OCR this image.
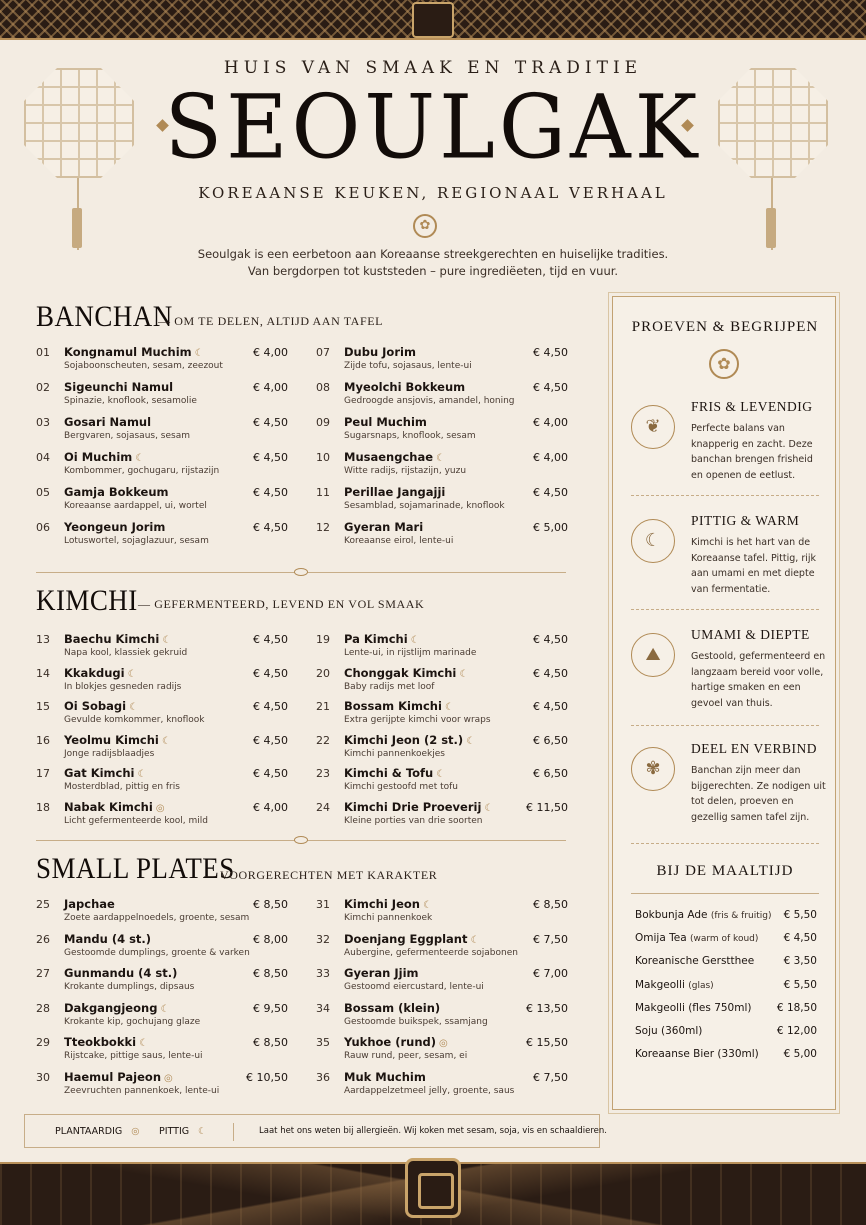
HUIS VAN SMAAK EN TRADITIE
SEOULGAK
KOREAANSE KEUKEN, REGIONAAL VERHAAL
✿
Seoulgak is een eerbetoon aan Koreaanse streekgerechten en huiselijke tradities.
Van bergdorpen tot kuststeden – pure ingrediëeten, tijd en vuur.
BANCHAN
— OM TE DELEN, ALTIJD AAN TAFEL
01	Kongnamul Muchim ☾
Sojaboonscheuten, sesam, zeezout
€ 4,00
02	Sigeunchi Namul
Spinazie, knoflook, sesamolie
€ 4,00
03	Gosari Namul
Bergvaren, sojasaus, sesam
€ 4,50
04	Oi Muchim ☾
Kombommer, gochugaru, rijstazijn
€ 4,50
05	Gamja Bokkeum
Koreaanse aardappel, ui, wortel
€ 4,50
06	Yeongeun Jorim
Lotuswortel, sojaglazuur, sesam
€ 4,50
07	Dubu Jorim
Zijde tofu, sojasaus, lente-ui
€ 4,50
08	Myeolchi Bokkeum
Gedroogde ansjovis, amandel, honing
€ 4,50
09	Peul Muchim
Sugarsnaps, knoflook, sesam
€ 4,00
10	Musaengchae ☾
Witte radijs, rijstazijn, yuzu
€ 4,00
11	Perillae Jangajji
Sesamblad, sojamarinade, knoflook
€ 4,50
12	Gyeran Mari
Koreaanse eirol, lente-ui
€ 5,00
KIMCHI — GEFERMENTEERD, LEVEND EN VOL SMAAK
13	Baechu Kimchi ☾
Napa kool, klassiek gekruid
€ 4,50
14	Kkakdugi ☾
In blokjes gesneden radijs
€ 4,50
15	Oi Sobagi ☾
Gevulde komkommer, knoflook
€ 4,50
16	Yeolmu Kimchi ☾
Jonge radijsblaadjes
€ 4,50
17	Gat Kimchi ☾
Mosterdblad, pittig en fris
€ 4,50
18	Nabak Kimchi ◎
Licht gefermenteerde kool, mild
€ 4,00
19	Pa Kimchi ☾
Lente-ui, in rijstlijm marinade
€ 4,50
20	Chonggak Kimchi ☾
Baby radijs met loof
€ 4,50
21	Bossam Kimchi ☾
Extra gerijpte kimchi voor wraps
€ 4,50
22	Kimchi Jeon (2 st.) ☾
Kimchi pannenkoekjes
€ 6,50
23	Kimchi & Tofu ☾
Kimchi gestoofd met tofu
€ 6,50
24	Kimchi Drie Proeverij ☾
Kleine porties van drie soorten
€ 11,50
SMALL PLATES
— VOORGERECHTEN MET KARAKTER
25	Japchae
Zoete aardappelnoedels, groente, sesam
€ 8,50
26	Mandu (4 st.)
Gestoomde dumplings, groente & varken
€ 8,00
27	Gunmandu (4 st.)
Krokante dumplings, dipsaus
€ 8,50
28	Dakgangjeong ☾
Krokante kip, gochujang glaze
€ 9,50
29	Tteokbokki ☾
Rijstcake, pittige saus, lente-ui
€ 8,50
30	Haemul Pajeon ◎
Zeevruchten pannenkoek, lente-ui
€ 10,50
31	Kimchi Jeon ☾
Kimchi pannenkoek
€ 8,50
32	Doenjang Eggplant ☾
Aubergine, gefermenteerde sojabonen
€ 7,50
33	Gyeran Jjim
Gestoomd eiercustard, lente-ui
€ 7,00
34	Bossam (klein)
Gestoomde buikspek, ssamjang
€ 13,50
35	Yukhoe (rund) ◎
Rauw rund, peer, sesam, ei
€ 15,50
36	Muk Muchim
Aardappelzetmeel jelly, groente, saus
€ 7,50
PROEVEN & BEGRIJPEN
✿
❦
FRIS & LEVENDIG
Perfecte balans van knapperig en zacht. Deze banchan brengen frisheid en openen de eetlust.
☾
PITTIG & WARM
Kimchi is het hart van de Koreaanse tafel. Pittig, rijk aan umami en met diepte van fermentatie.
⛰
UMAMI & DIEPTE
Gestoold, gefermenteerd en langzaam bereid voor volle, hartige smaken en een gevoel van thuis.
✾
DEEL EN VERBIND
Banchan zijn meer dan bijgerechten. Ze nodigen uit tot delen, proeven en gezellig samen tafel zijn.
BIJ DE MAALTIJD
Bokbunja Ade (fris & fruitig) € 5,50
Omija Tea (warm of koud) € 4,50
Koreanische Gerstthee	€ 3,50
Makgeolli (glas)	€ 5,50
Makgeolli (fles 750ml) € 18,50
Soju (360ml)	€ 12,00
Koreaanse Bier (330ml) € 5,00
PLANTAARDIG ◎ PITTIG ☾	Laat het ons weten bij allergieën. Wij koken met sesam, soja, vis en schaaldieren.
